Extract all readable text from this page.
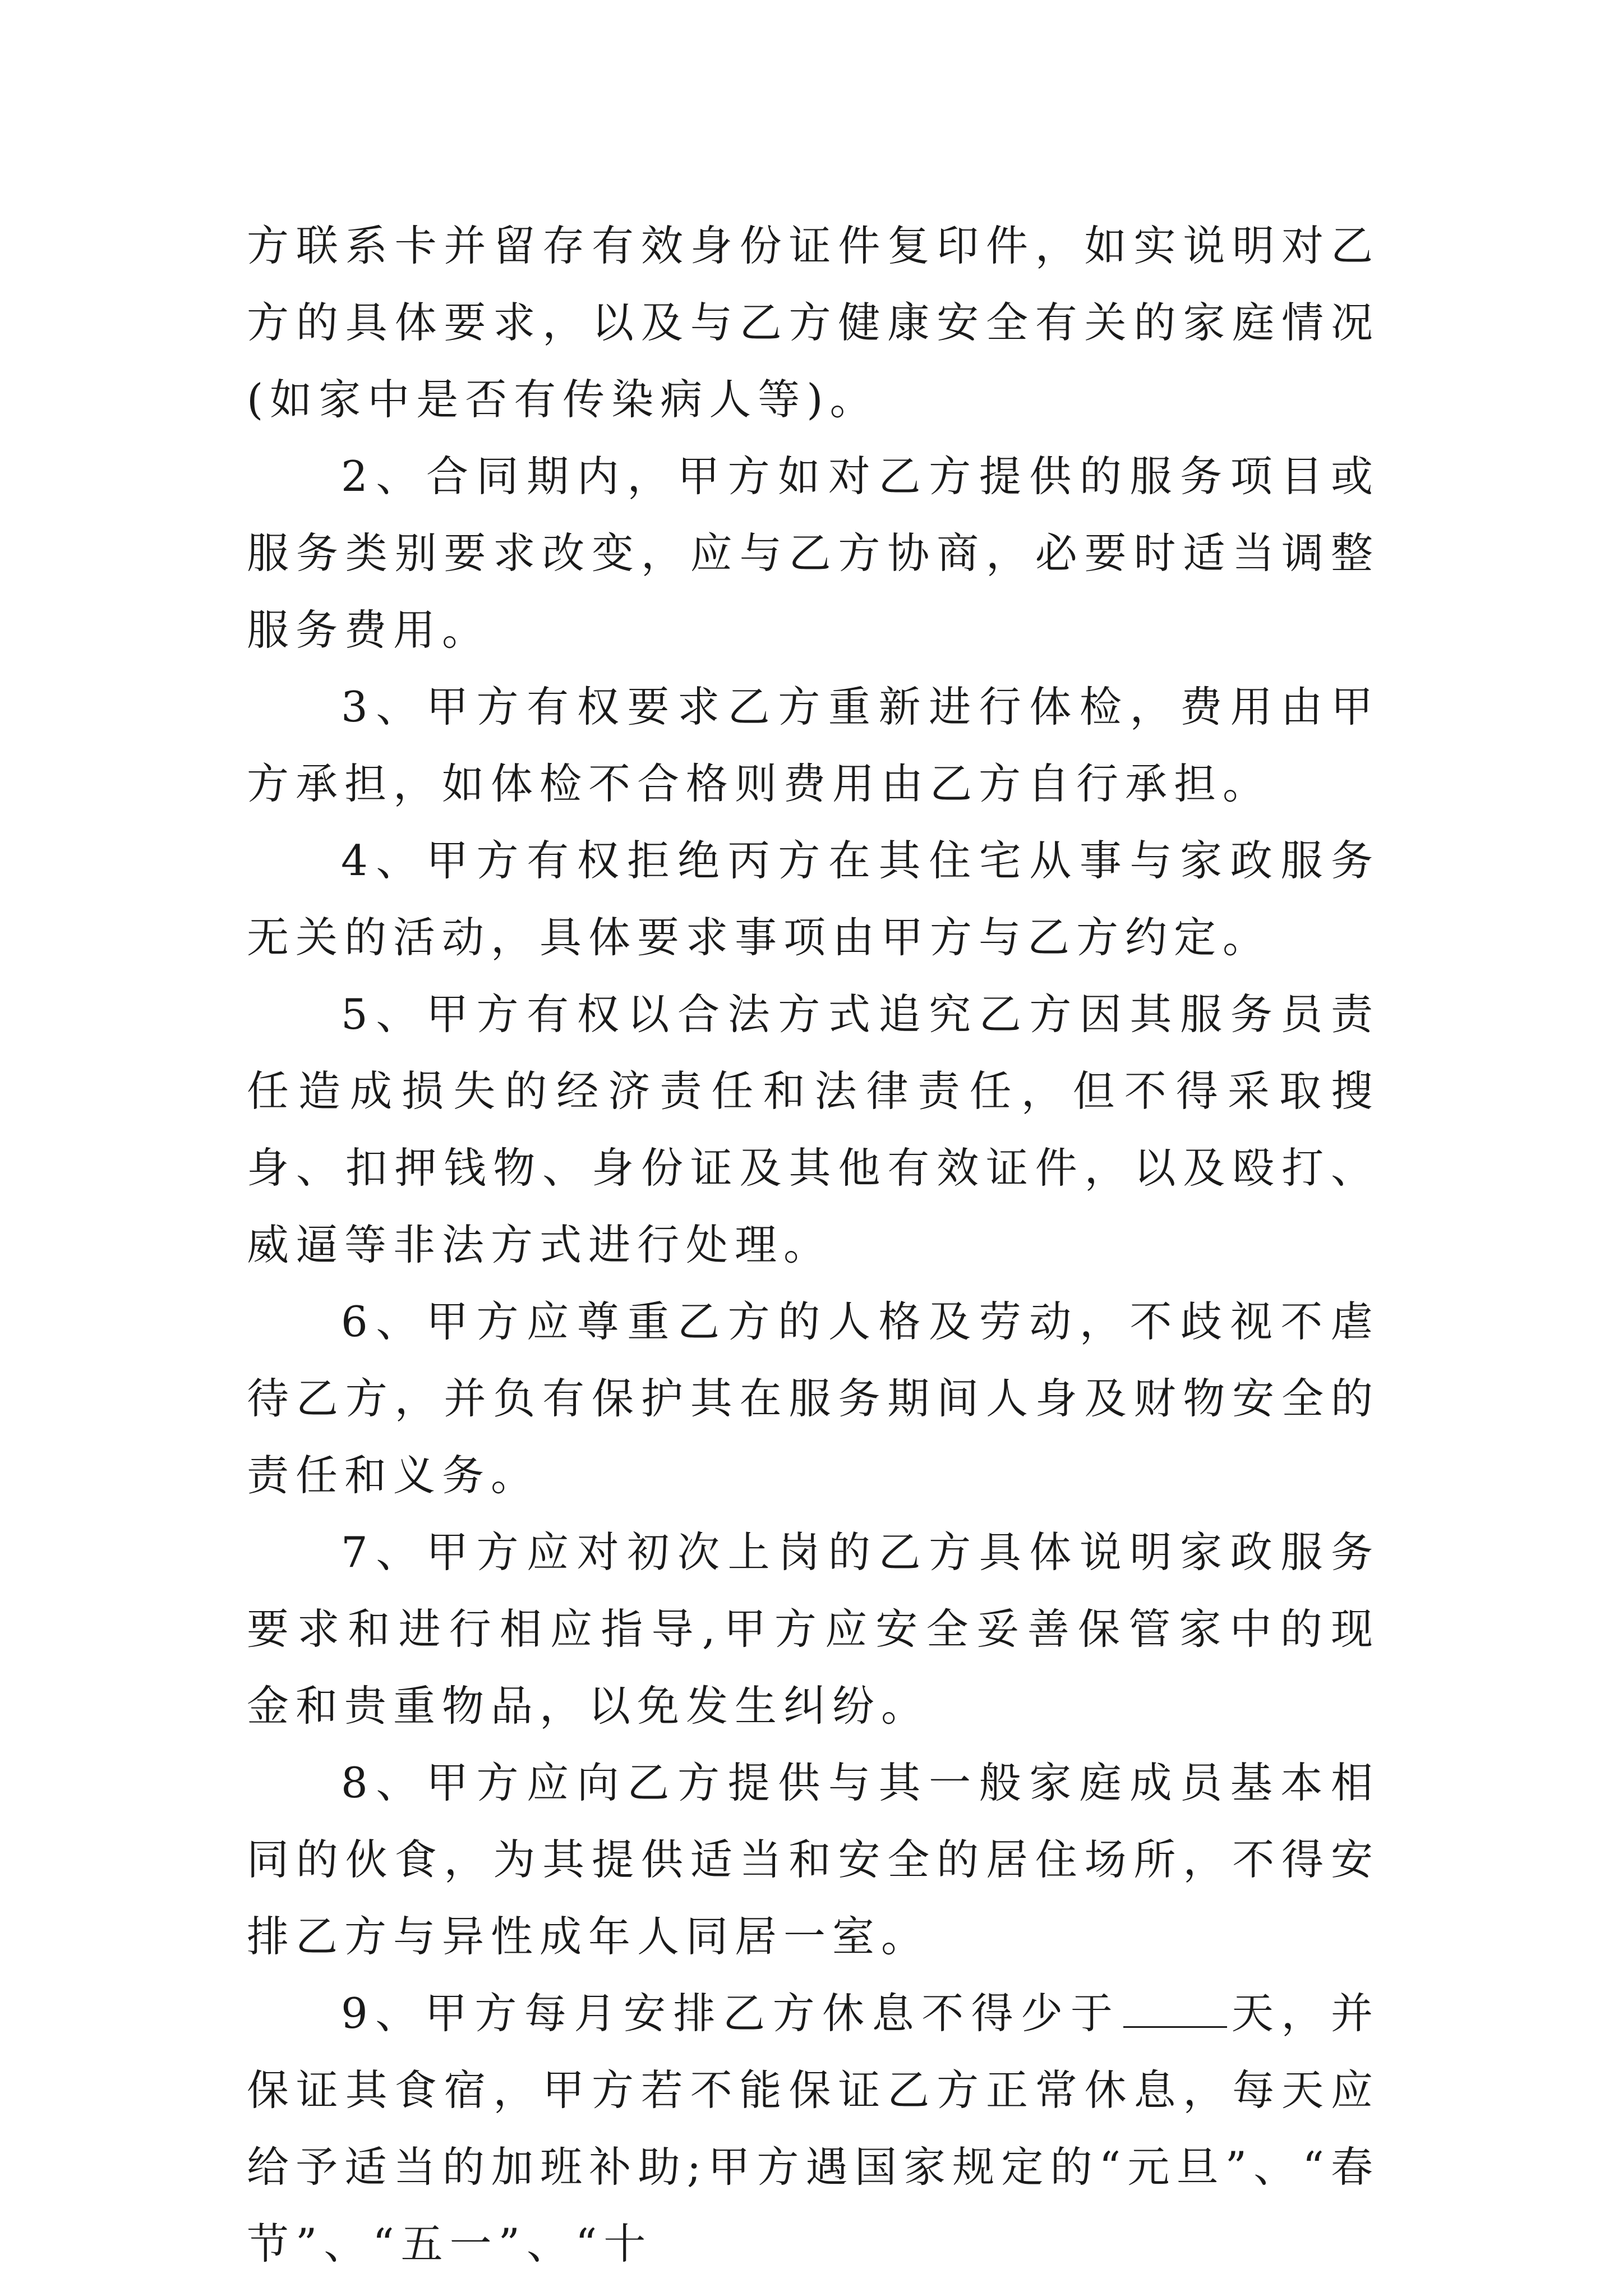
方联系卡并留存有效身份证件复印件，如实说明对乙方的具体要求，以及与乙方健康安全有关的家庭情况(如家中是否有传染病人等)。

2、合同期内，甲方如对乙方提供的服务项目或服务类别要求改变，应与乙方协商，必要时适当调整服务费用。

3、甲方有权要求乙方重新进行体检，费用由甲方承担，如体检不合格则费用由乙方自行承担。

4、甲方有权拒绝丙方在其住宅从事与家政服务无关的活动，具体要求事项由甲方与乙方约定。

5、甲方有权以合法方式追究乙方因其服务员责任造成损失的经济责任和法律责任，但不得采取搜身、扣押钱物、身份证及其他有效证件，以及殴打、威逼等非法方式进行处理。

6、甲方应尊重乙方的人格及劳动，不歧视不虐待乙方，并负有保护其在服务期间人身及财物安全的责任和义务。

7、甲方应对初次上岗的乙方具体说明家政服务要求和进行相应指导,甲方应安全妥善保管家中的现金和贵重物品，以免发生纠纷。

8、甲方应向乙方提供与其一般家庭成员基本相同的伙食，为其提供适当和安全的居住场所，不得安排乙方与异性成年人同居一室。

9、甲方每月安排乙方休息不得少于	天，并保证其食宿，甲方若不能保证乙方正常休息，每天应给予适当的加班补助;甲方遇国家规定的“元旦”、“春节”、“五一”、“十
